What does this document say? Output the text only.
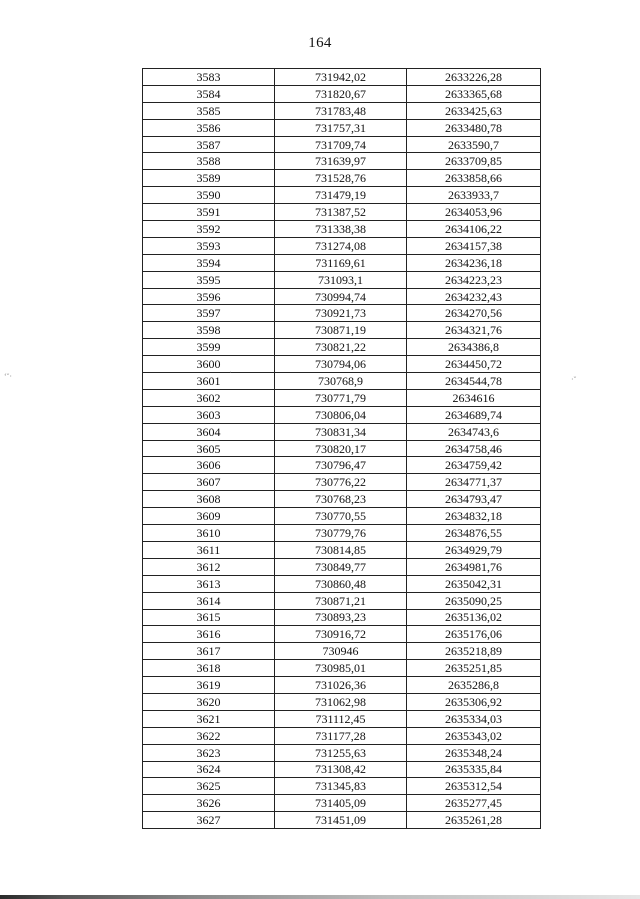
164
3583	731942,02	2633226,28
3584	731820,67	2633365,68
3585	731783,48	2633425,63
3586	731757,31	2633480,78
3587	731709,74	2633590,7
3588	731639,97	2633709,85
3589	731528,76	2633858,66
3590	731479,19	2633933,7
3591	731387,52	2634053,96
3592	731338,38	2634106,22
3593	731274,08	2634157,38
3594	731169,61	2634236,18
3595	731093,1	2634223,23
3596	730994,74	2634232,43
3597	730921,73	2634270,56
3598	730871,19	2634321,76
3599	730821,22	2634386,8
3600	730794,06	2634450,72
3601	730768,9	2634544,78
3602	730771,79	2634616
3603	730806,04	2634689,74
3604	730831,34	2634743,6
3605	730820,17	2634758,46
3606	730796,47	2634759,42
3607	730776,22	2634771,37
3608	730768,23	2634793,47
3609	730770,55	2634832,18
3610	730779,76	2634876,55
3611	730814,85	2634929,79
3612	730849,77	2634981,76
3613	730860,48	2635042,31
3614	730871,21	2635090,25
3615	730893,23	2635136,02
3616	730916,72	2635176,06
3617	730946	2635218,89
3618	730985,01	2635251,85
3619	731026,36	2635286,8
3620	731062,98	2635306,92
3621	731112,45	2635334,03
3622	731177,28	2635343,02
3623	731255,63	2635348,24
3624	731308,42	2635335,84
3625	731345,83	2635312,54
3626	731405,09	2635277,45
3627	731451,09	2635261,28
ʻ˘·	˙
·˘
